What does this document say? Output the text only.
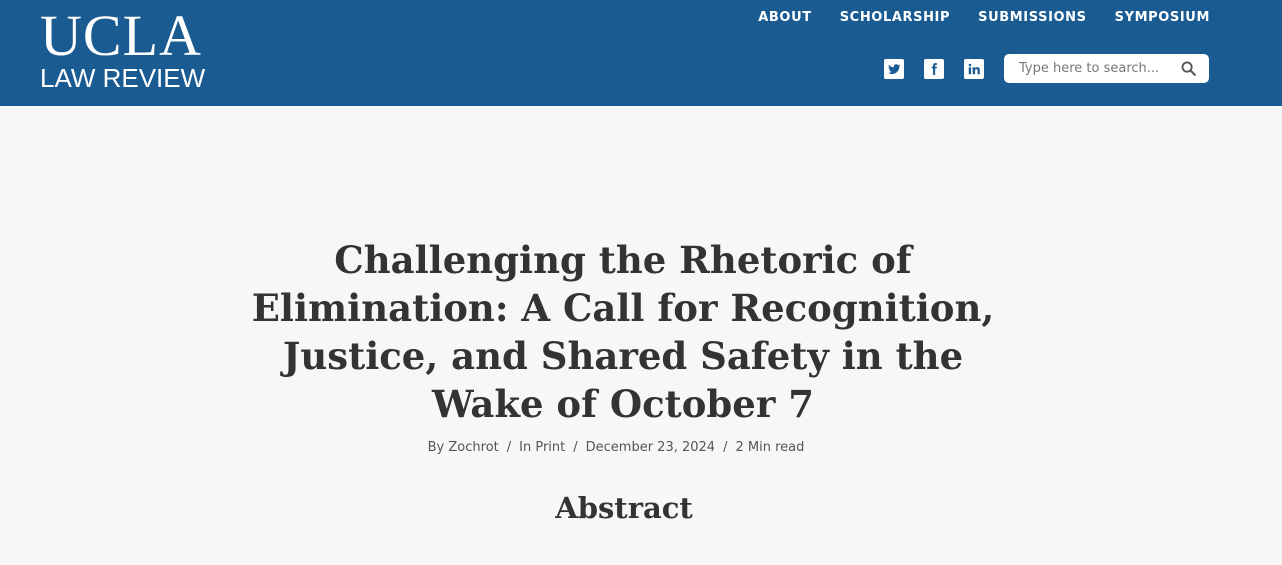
UCLA
LAW REVIEW
ABOUT SCHOLARSHIP SUBMISSIONS SYMPOSIUM
Type here to search...
Challenging the Rhetoric of Elimination: A Call for Recognition, Justice, and Shared Safety in the Wake of October 7
By Zochrot / In Print / December 23, 2024 / 2 Min read
Abstract
